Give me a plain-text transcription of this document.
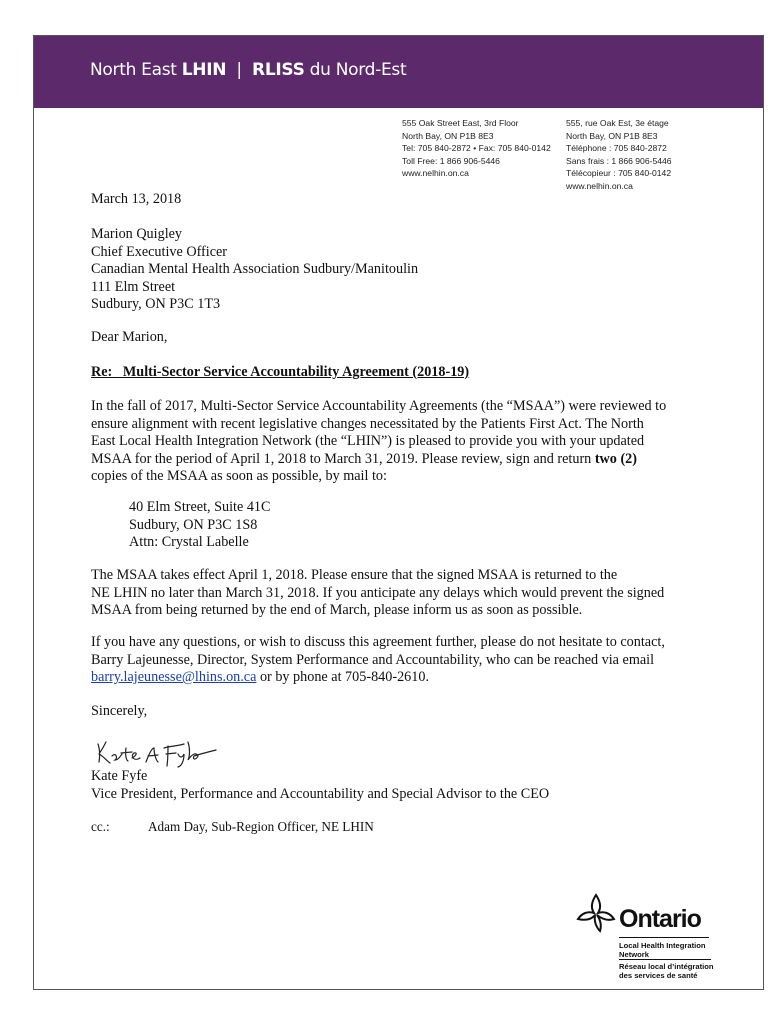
North East LHIN | RLISS du Nord-Est
555 Oak Street East, 3rd Floor
North Bay, ON P1B 8E3
Tel: 705 840-2872 • Fax: 705 840-0142
Toll Free: 1 866 906-5446
www.nelhin.on.ca
555, rue Oak Est, 3e étage
North Bay, ON P1B 8E3
Téléphone : 705 840-2872
Sans frais : 1 866 906-5446
Télécopieur : 705 840-0142
www.nelhin.on.ca
March 13, 2018
Marion Quigley
Chief Executive Officer
Canadian Mental Health Association Sudbury/Manitoulin
111 Elm Street
Sudbury, ON P3C 1T3
Dear Marion,
Re:   Multi-Sector Service Accountability Agreement (2018-19)
In the fall of 2017, Multi-Sector Service Accountability Agreements (the “MSAA”) were reviewed to
ensure alignment with recent legislative changes necessitated by the Patients First Act. The North
East Local Health Integration Network (the “LHIN”) is pleased to provide you with your updated
MSAA for the period of April 1, 2018 to March 31, 2019. Please review, sign and return two (2)
copies of the MSAA as soon as possible, by mail to:
40 Elm Street, Suite 41C
Sudbury, ON P3C 1S8
Attn: Crystal Labelle
The MSAA takes effect April 1, 2018. Please ensure that the signed MSAA is returned to the
NE LHIN no later than March 31, 2018. If you anticipate any delays which would prevent the signed
MSAA from being returned by the end of March, please inform us as soon as possible.
If you have any questions, or wish to discuss this agreement further, please do not hesitate to contact,
Barry Lajeunesse, Director, System Performance and Accountability, who can be reached via email
barry.lajeunesse@lhins.on.ca or by phone at 705-840-2610.
Sincerely,
Kate Fyfe
Vice President, Performance and Accountability and Special Advisor to the CEO
cc.:	Adam Day, Sub-Region Officer, NE LHIN
Ontario
Local Health Integration
Network
Réseau local d’intégration
des services de santé
